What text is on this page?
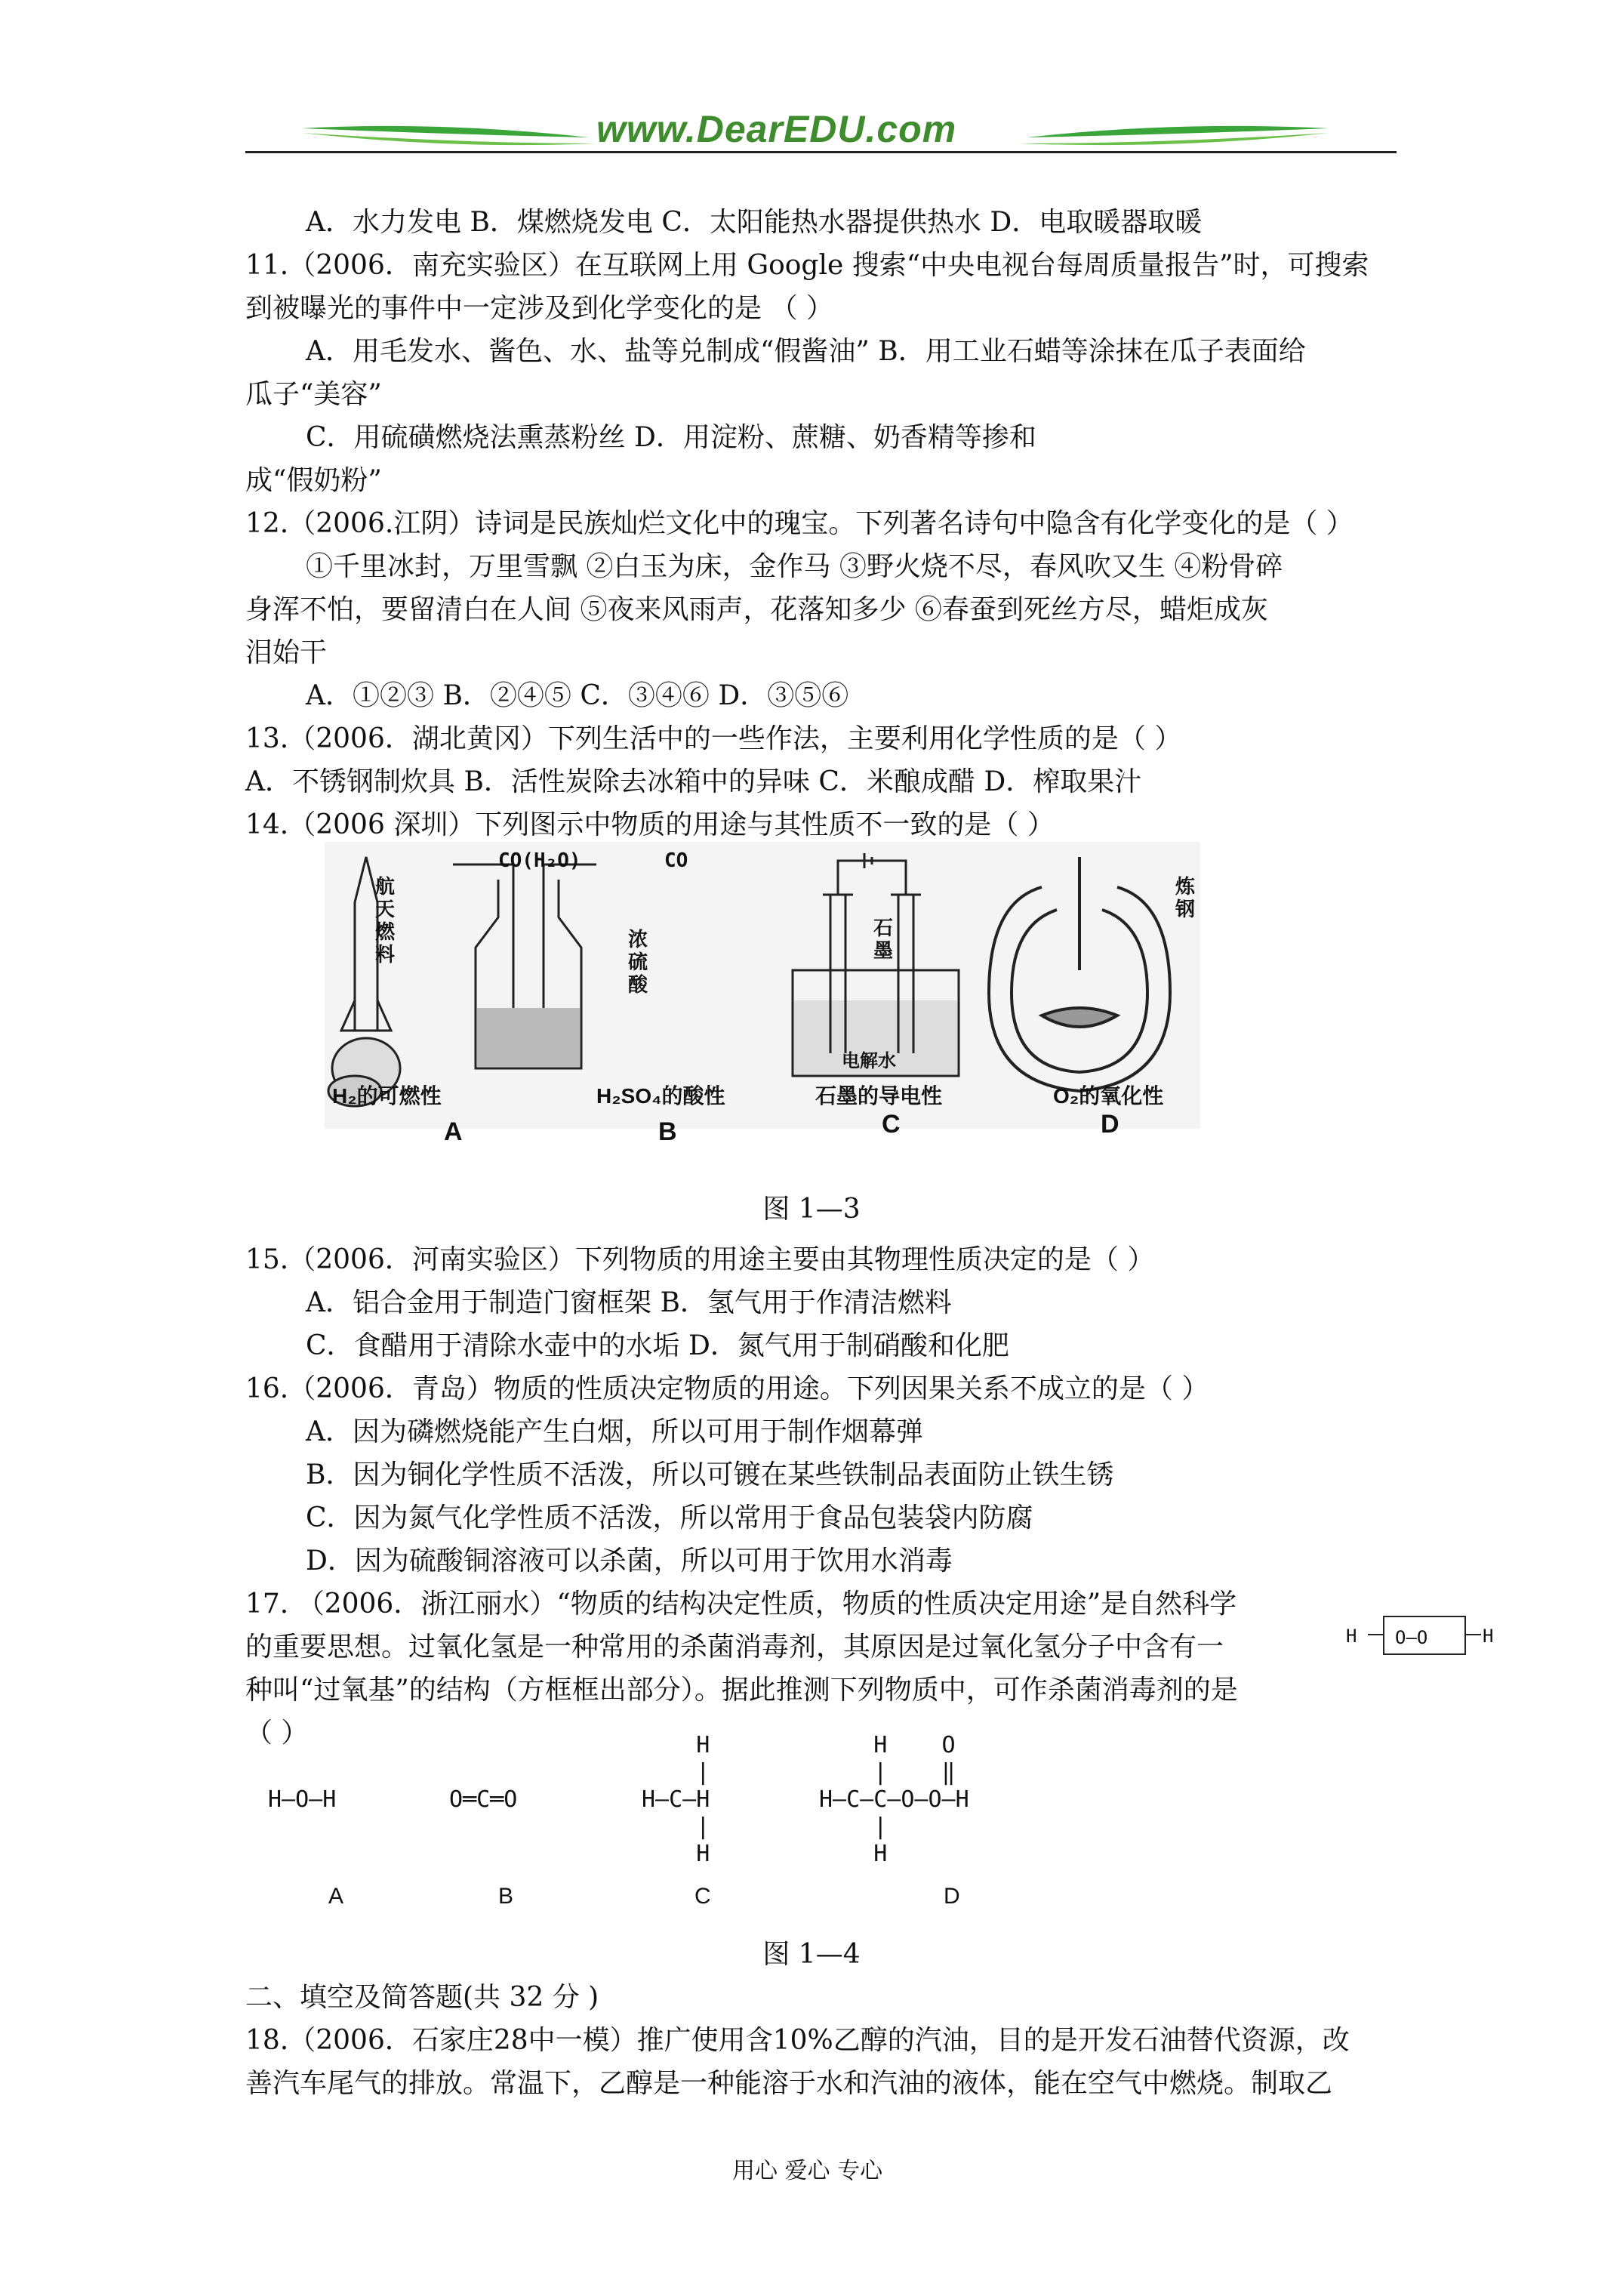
www.DearEDU.com
A．水力发电 B．煤燃烧发电 C．太阳能热水器提供热水 D．电取暖器取暖
11.（2006．南充实验区）在互联网上用 Google 搜索“中央电视台每周质量报告”时，可搜索
到被曝光的事件中一定涉及到化学变化的是 （ ）
A．用毛发水、酱色、水、盐等兑制成“假酱油” B．用工业石蜡等涂抹在瓜子表面给
瓜子“美容”
C．用硫磺燃烧法熏蒸粉丝 D．用淀粉、蔗糖、奶香精等掺和
成“假奶粉”
12.（2006.江阴）诗词是民族灿烂文化中的瑰宝。下列著名诗句中隐含有化学变化的是（ ）
①千里冰封，万里雪飘 ②白玉为床，金作马 ③野火烧不尽，春风吹又生 ④粉骨碎
身浑不怕，要留清白在人间 ⑤夜来风雨声，花落知多少 ⑥春蚕到死丝方尽，蜡炬成灰
泪始干
A．①②③ B．②④⑤ C．③④⑥ D．③⑤⑥
13.（2006．湖北黄冈）下列生活中的一些作法，主要利用化学性质的是（ ）
A．不锈钢制炊具 B．活性炭除去冰箱中的异味 C．米酿成醋 D．榨取果汁
14.（2006 深圳）下列图示中物质的用途与其性质不一致的是（ ）
15.（2006．河南实验区）下列物质的用途主要由其物理性质决定的是（ ）
A．铝合金用于制造门窗框架 B．氢气用于作清洁燃料
C．食醋用于清除水壶中的水垢 D．氮气用于制硝酸和化肥
16.（2006．青岛）物质的性质决定物质的用途。下列因果关系不成立的是（ ）
A．因为磷燃烧能产生白烟，所以可用于制作烟幕弹
B．因为铜化学性质不活泼，所以可镀在某些铁制品表面防止铁生锈
C．因为氮气化学性质不活泼，所以常用于食品包装袋内防腐
D．因为硫酸铜溶液可以杀菌，所以可用于饮用水消毒
17. （2006．浙江丽水）“物质的结构决定性质，物质的性质决定用途”是自然科学
的重要思想。过氧化氢是一种常用的杀菌消毒剂，其原因是过氧化氢分子中含有一
种叫“过氧基”的结构（方框框出部分）。据此推测下列物质中，可作杀菌消毒剂的是
（ ）
二、填空及简答题(共 32 分 )
18.（2006．石家庄28中一模）推广使用含10%乙醇的汽油，目的是开发石油替代资源，改
善汽车尾气的排放。常温下，乙醇是一种能溶于水和汽油的液体，能在空气中燃烧。制取乙
航天燃料
CO(H₂O)	CO
浓硫酸
石墨
电解水
炼钢
H₂的可燃性	H₂SO₄的酸性	石墨的导电性	O₂的氧化性
A	B	C	D
图 1—3
H O—O	H
H—O—H
A
O═C═O
B
H
|
H—C—H
|
H
C
H    O
|    ‖
H—C—C—O—O—H
|
H
D
图 1—4
用心 爱心 专心
